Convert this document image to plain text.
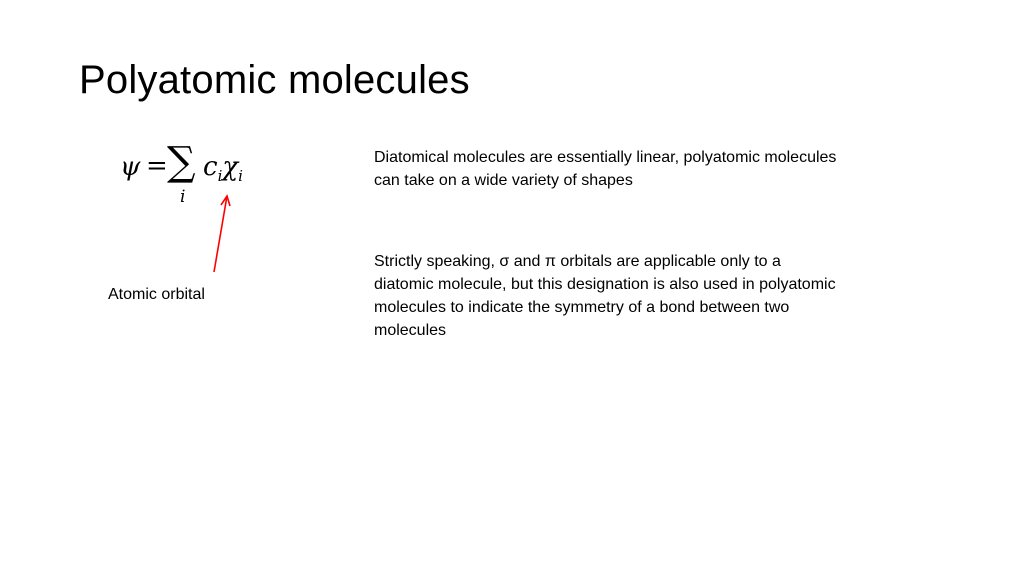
Polyatomic molecules
ψ = ∑
i
$c_i\chi_i$
Atomic orbital
Diatomical molecules are essentially linear, polyatomic molecules can take on a wide variety of shapes
Strictly speaking, σ and π orbitals are applicable only to a diatomic molecule, but this designation is also used in polyatomic molecules to indicate the symmetry of a bond between two molecules
